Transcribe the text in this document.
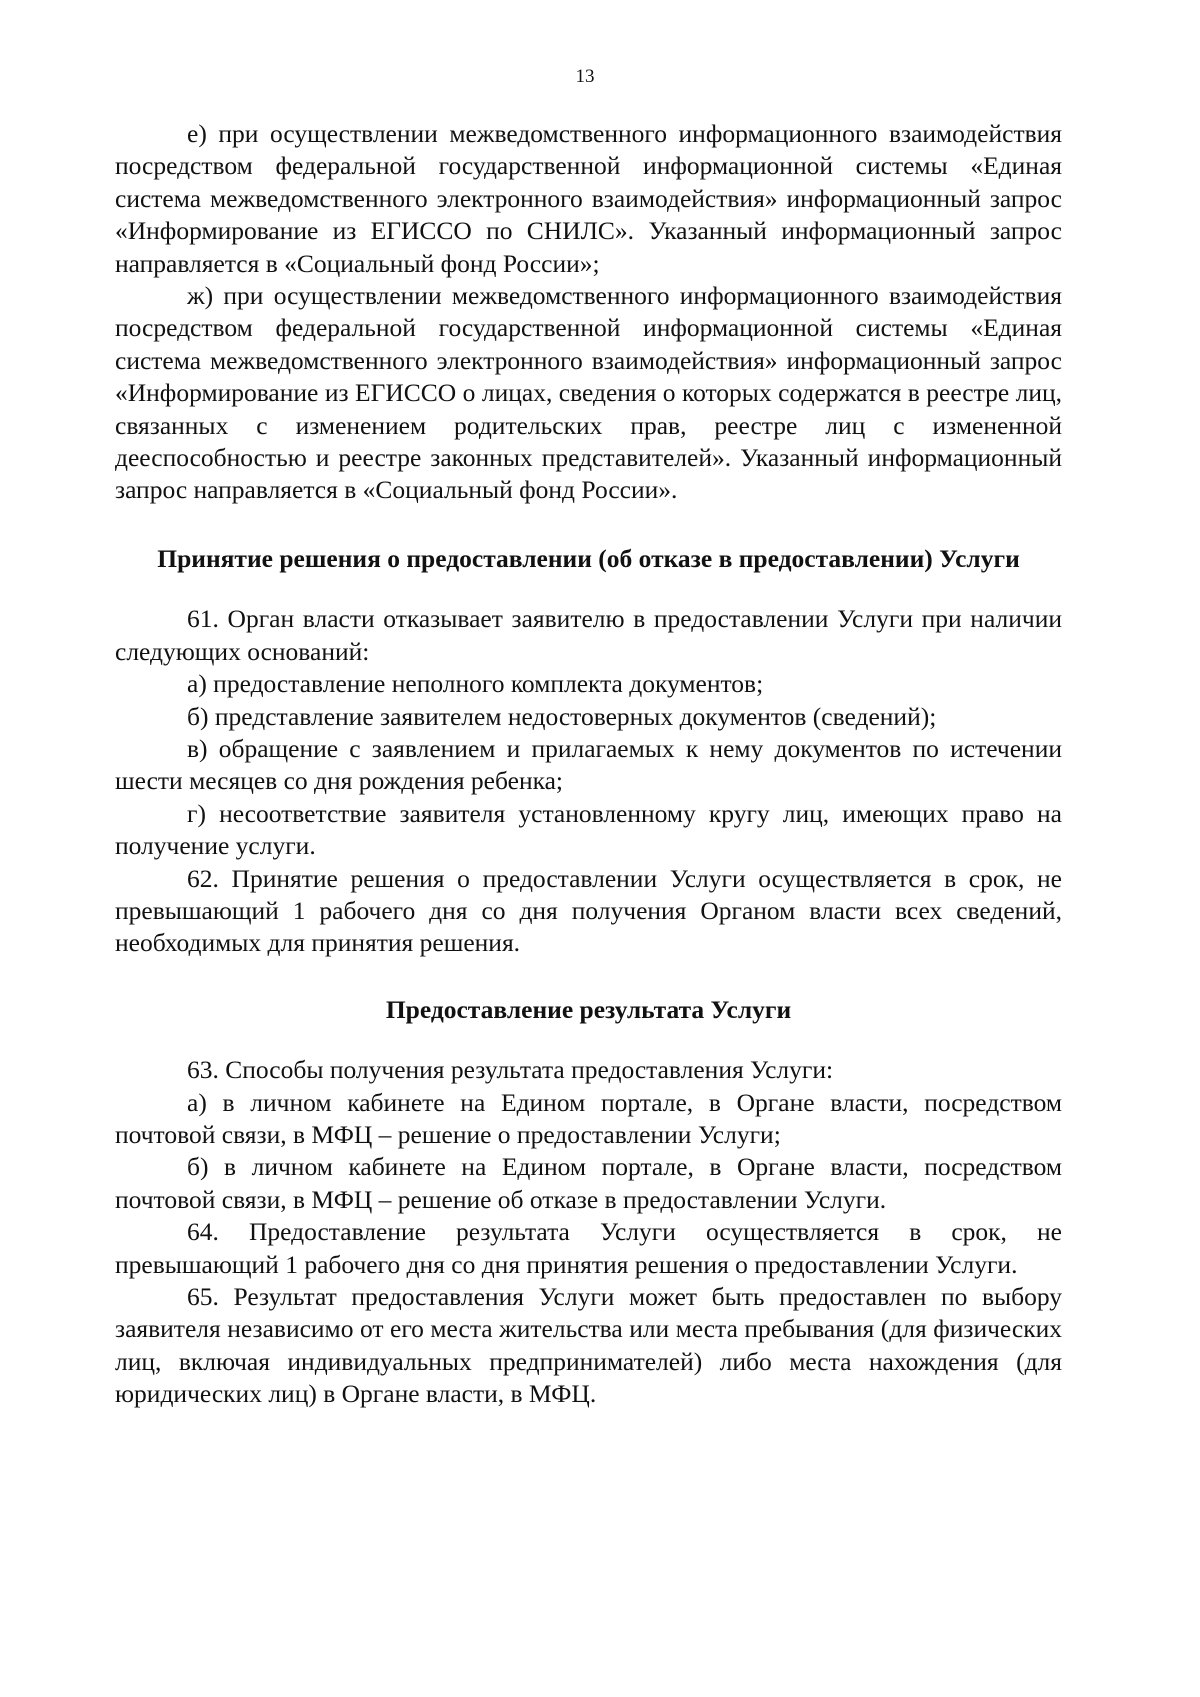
13

е) при осуществлении межведомственного информационного взаимодействия посредством федеральной государственной информационной системы «Единая система межведомственного электронного взаимодействия» информационный запрос «Информирование из ЕГИССО по СНИЛС». Указанный информационный запрос направляется в «Социальный фонд России»;

ж) при осуществлении межведомственного информационного взаимодействия посредством федеральной государственной информационной системы «Единая система межведомственного электронного взаимодействия» информационный запрос «Информирование из ЕГИССО о лицах, сведения о которых содержатся в реестре лиц, связанных с изменением родительских прав, реестре лиц с измененной дееспособностью и реестре законных представителей». Указанный информационный запрос направляется в «Социальный фонд России».

Принятие решения о предоставлении (об отказе в предоставлении) Услуги

61. Орган власти отказывает заявителю в предоставлении Услуги при наличии следующих оснований:

а) предоставление неполного комплекта документов;

б) представление заявителем недостоверных документов (сведений);

в) обращение с заявлением и прилагаемых к нему документов по истечении шести месяцев со дня рождения ребенка;

г) несоответствие заявителя установленному кругу лиц, имеющих право на получение услуги.

62. Принятие решения о предоставлении Услуги осуществляется в срок, не превышающий 1 рабочего дня со дня получения Органом власти всех сведений, необходимых для принятия решения.

Предоставление результата Услуги

63. Способы получения результата предоставления Услуги:

а) в личном кабинете на Едином портале, в Органе власти, посредством почтовой связи, в МФЦ – решение о предоставлении Услуги;

б) в личном кабинете на Едином портале, в Органе власти, посредством почтовой связи, в МФЦ – решение об отказе в предоставлении Услуги.

64. Предоставление результата Услуги осуществляется в срок, не превышающий 1 рабочего дня со дня принятия решения о предоставлении Услуги.

65. Результат предоставления Услуги может быть предоставлен по выбору заявителя независимо от его места жительства или места пребывания (для физических лиц, включая индивидуальных предпринимателей) либо места нахождения (для юридических лиц) в Органе власти, в МФЦ.
